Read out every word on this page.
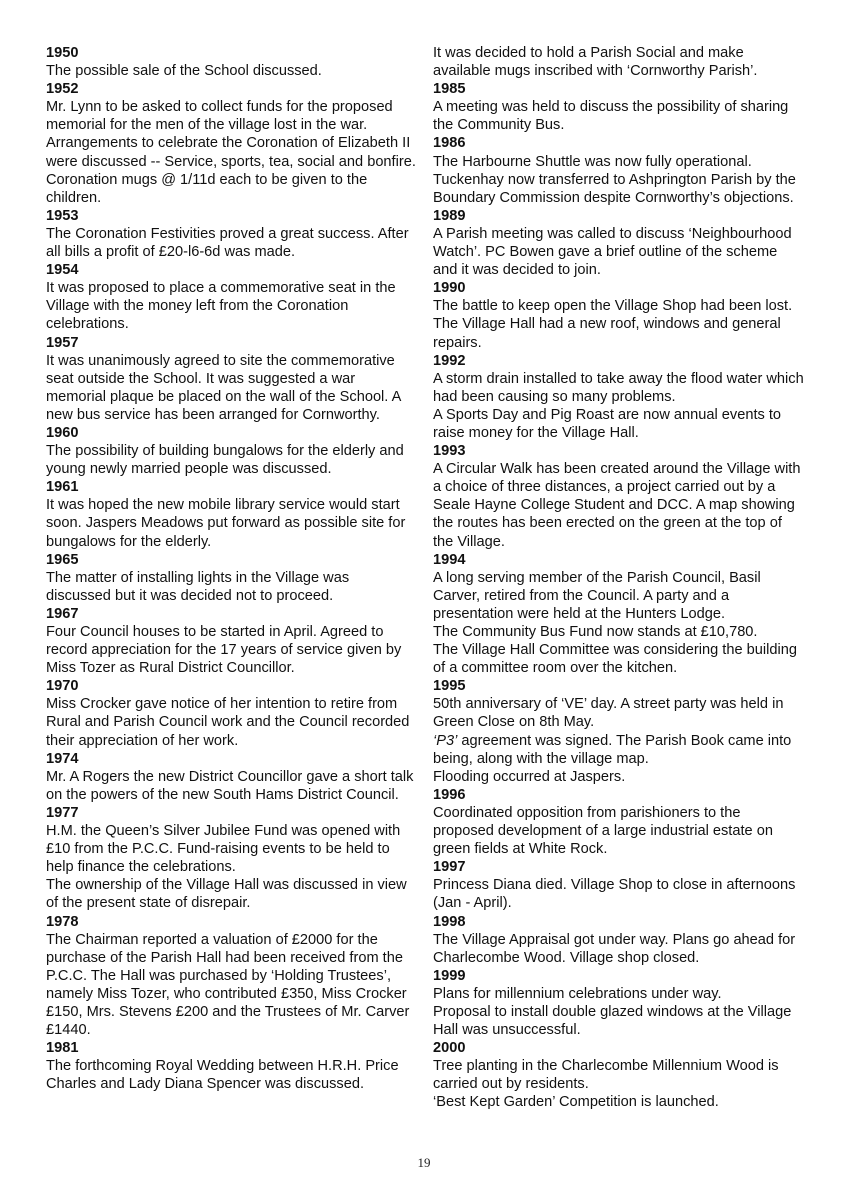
1950
The possible sale of the School discussed.
1952
Mr. Lynn to be asked to collect funds for the proposed memorial for the men of the village lost in the war. Arrangements to celebrate the Coronation of Elizabeth II were discussed -- Service, sports, tea, social and bonfire. Coronation mugs @ 1/11d each to be given to the children.
1953
The Coronation Festivities proved a great success. After all bills a profit of £20-l6-6d was made.
1954
It was proposed to place a commemorative seat in the Village with the money left from the Coronation celebrations.
1957
It was unanimously agreed to site the commemorative seat outside the School. It was suggested a war memorial plaque be placed on the wall of the School. A new bus service has been arranged for Cornworthy.
1960
The possibility of building bungalows for the elderly and young newly married people was discussed.
1961
It was hoped the new mobile library service would start soon. Jaspers Meadows put forward as possible site for bungalows for the elderly.
1965
The matter of installing lights in the Village was discussed but it was decided not to proceed.
1967
Four Council houses to be started in April. Agreed to record appreciation for the 17 years of service given by Miss Tozer as Rural District Councillor.
1970
Miss Crocker gave notice of her intention to retire from Rural and Parish Council work and the Council recorded their appreciation of her work.
1974
Mr. A Rogers the new District Councillor gave a short talk on the powers of the new South Hams District Council.
1977
H.M. the Queen’s Silver Jubilee Fund was opened with £10 from the P.C.C. Fund-raising events to be held to help finance the celebrations.
The ownership of the Village Hall was discussed in view of the present state of disrepair.
1978
The Chairman reported a valuation of £2000 for the purchase of the Parish Hall had been received from the P.C.C. The Hall was purchased by ‘Holding Trustees’, namely Miss Tozer, who contributed £350, Miss Crocker £150, Mrs. Stevens £200 and the Trustees of Mr. Carver £1440.
1981
The forthcoming Royal Wedding between H.R.H. Price Charles and Lady Diana Spencer was discussed.
It was decided to hold a Parish Social and make available mugs inscribed with ‘Cornworthy Parish’.
1985
A meeting was held to discuss the possibility of sharing the Community Bus.
1986
The Harbourne Shuttle was now fully operational. Tuckenhay now transferred to Ashprington Parish by the Boundary Commission despite Cornworthy’s objections.
1989
A Parish meeting was called to discuss ‘Neighbourhood Watch’. PC Bowen gave a brief outline of the scheme and it was decided to join.
1990
The battle to keep open the Village Shop had been lost. The Village Hall had a new roof, windows and general repairs.
1992
A storm drain installed to take away the flood water which had been causing so many problems.
A Sports Day and Pig Roast are now annual events to raise money for the Village Hall.
1993
A Circular Walk has been created around the Village with a choice of three distances, a project carried out by a Seale Hayne College Student and DCC. A map showing the routes has been erected on the green at the top of the Village.
1994
A long serving member of the Parish Council, Basil Carver, retired from the Council. A party and a presentation were held at the Hunters Lodge.
The Community Bus Fund now stands at £10,780.
The Village Hall Committee was considering the building of a committee room over the kitchen.
1995
50th anniversary of ‘VE’ day. A street party was held in Green Close on 8th May.
‘P3’ agreement was signed. The Parish Book came into being, along with the village map.
Flooding occurred at Jaspers.
1996
Coordinated opposition from parishioners to the proposed development of a large industrial estate on green fields at White Rock.
1997
Princess Diana died. Village Shop to close in afternoons (Jan - April).
1998
The Village Appraisal got under way. Plans go ahead for Charlecombe Wood. Village shop closed.
1999
Plans for millennium celebrations under way.
Proposal to install double glazed windows at the Village Hall was unsuccessful.
2000
Tree planting in the Charlecombe Millennium Wood is carried out by residents.
‘Best Kept Garden’ Competition is launched.
19
